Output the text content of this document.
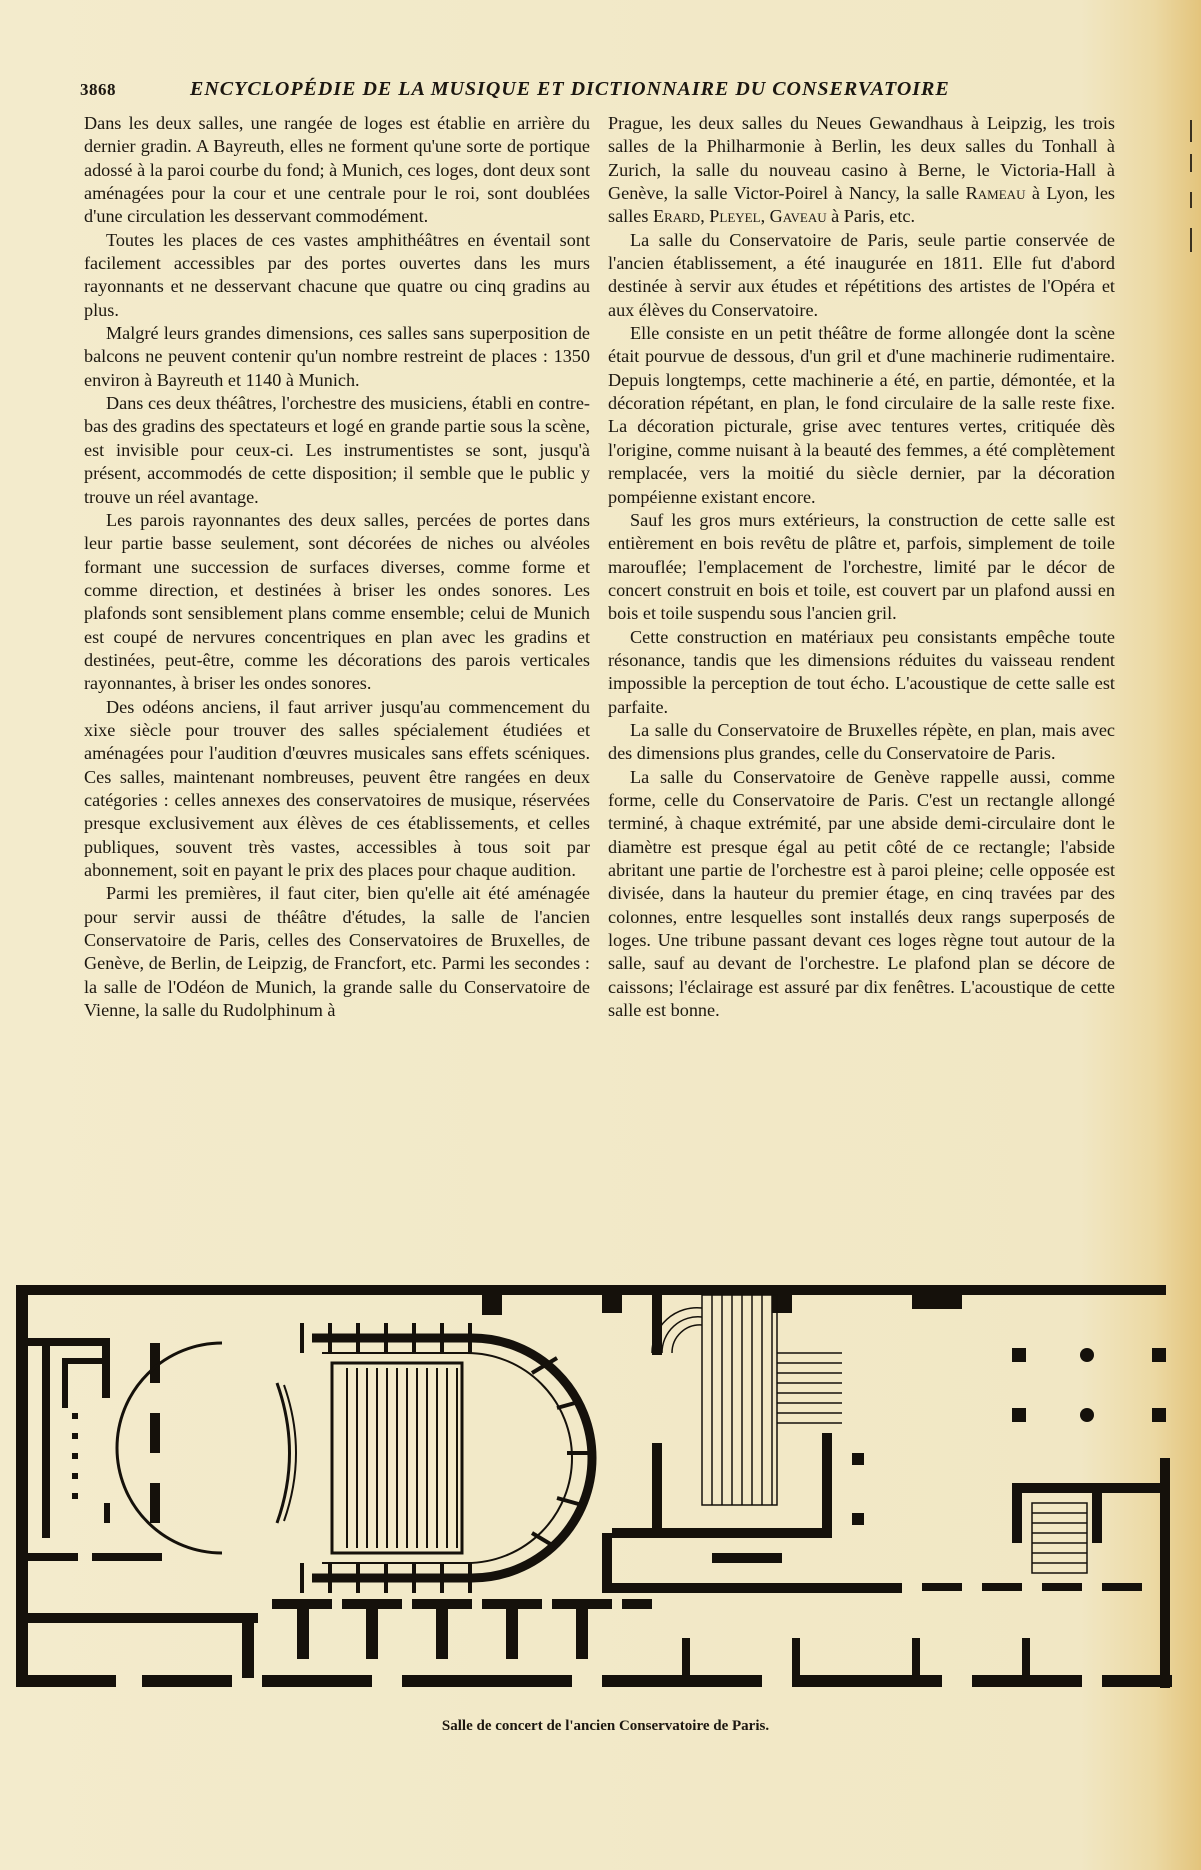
3868	ENCYCLOPÉDIE DE LA MUSIQUE ET DICTIONNAIRE DU CONSERVATOIRE

Dans les deux salles, une rangée de loges est établie en arrière du dernier gradin. A Bayreuth, elles ne forment qu'une sorte de portique adossé à la paroi courbe du fond; à Munich, ces loges, dont deux sont aménagées pour la cour et une centrale pour le roi, sont doublées d'une circulation les desservant commodément.

Toutes les places de ces vastes amphithéâtres en éventail sont facilement accessibles par des portes ouvertes dans les murs rayonnants et ne desservant chacune que quatre ou cinq gradins au plus.

Malgré leurs grandes dimensions, ces salles sans superposition de balcons ne peuvent contenir qu'un nombre restreint de places : 1350 environ à Bayreuth et 1140 à Munich.

Dans ces deux théâtres, l'orchestre des musiciens, établi en contre-bas des gradins des spectateurs et logé en grande partie sous la scène, est invisible pour ceux-ci. Les instrumentistes se sont, jusqu'à présent, accommodés de cette disposition; il semble que le public y trouve un réel avantage.

Les parois rayonnantes des deux salles, percées de portes dans leur partie basse seulement, sont décorées de niches ou alvéoles formant une succession de surfaces diverses, comme forme et comme direction, et destinées à briser les ondes sonores. Les plafonds sont sensiblement plans comme ensemble; celui de Munich est coupé de nervures concentriques en plan avec les gradins et destinées, peut-être, comme les décorations des parois verticales rayonnantes, à briser les ondes sonores.

Des odéons anciens, il faut arriver jusqu'au commencement du xixe siècle pour trouver des salles spécialement étudiées et aménagées pour l'audition d'œuvres musicales sans effets scéniques. Ces salles, maintenant nombreuses, peuvent être rangées en deux catégories : celles annexes des conservatoires de musique, réservées presque exclusivement aux élèves de ces établissements, et celles publiques, souvent très vastes, accessibles à tous soit par abonnement, soit en payant le prix des places pour chaque audition.

Parmi les premières, il faut citer, bien qu'elle ait été aménagée pour servir aussi de théâtre d'études, la salle de l'ancien Conservatoire de Paris, celles des Conservatoires de Bruxelles, de Genève, de Berlin, de Leipzig, de Francfort, etc. Parmi les secondes : la salle de l'Odéon de Munich, la grande salle du Conservatoire de Vienne, la salle du Rudolphinum à

Prague, les deux salles du Neues Gewandhaus à Leipzig, les trois salles de la Philharmonie à Berlin, les deux salles du Tonhall à Zurich, la salle du nouveau casino à Berne, le Victoria-Hall à Genève, la salle Victor-Poirel à Nancy, la salle Rameau à Lyon, les salles Erard, Pleyel, Gaveau à Paris, etc.

La salle du Conservatoire de Paris, seule partie conservée de l'ancien établissement, a été inaugurée en 1811. Elle fut d'abord destinée à servir aux études et répétitions des artistes de l'Opéra et aux élèves du Conservatoire.

Elle consiste en un petit théâtre de forme allongée dont la scène était pourvue de dessous, d'un gril et d'une machinerie rudimentaire. Depuis longtemps, cette machinerie a été, en partie, démontée, et la décoration répétant, en plan, le fond circulaire de la salle reste fixe. La décoration picturale, grise avec tentures vertes, critiquée dès l'origine, comme nuisant à la beauté des femmes, a été complètement remplacée, vers la moitié du siècle dernier, par la décoration pompéienne existant encore.

Sauf les gros murs extérieurs, la construction de cette salle est entièrement en bois revêtu de plâtre et, parfois, simplement de toile marouflée; l'emplacement de l'orchestre, limité par le décor de concert construit en bois et toile, est couvert par un plafond aussi en bois et toile suspendu sous l'ancien gril.

Cette construction en matériaux peu consistants empêche toute résonance, tandis que les dimensions réduites du vaisseau rendent impossible la perception de tout écho. L'acoustique de cette salle est parfaite.

La salle du Conservatoire de Bruxelles répète, en plan, mais avec des dimensions plus grandes, celle du Conservatoire de Paris.

La salle du Conservatoire de Genève rappelle aussi, comme forme, celle du Conservatoire de Paris. C'est un rectangle allongé terminé, à chaque extrémité, par une abside demi-circulaire dont le diamètre est presque égal au petit côté de ce rectangle; l'abside abritant une partie de l'orchestre est à paroi pleine; celle opposée est divisée, dans la hauteur du premier étage, en cinq travées par des colonnes, entre lesquelles sont installés deux rangs superposés de loges. Une tribune passant devant ces loges règne tout autour de la salle, sauf au devant de l'orchestre. Le plafond plan se décore de caissons; l'éclairage est assuré par dix fenêtres. L'acoustique de cette salle est bonne.

Salle de concert de l'ancien Conservatoire de Paris.
